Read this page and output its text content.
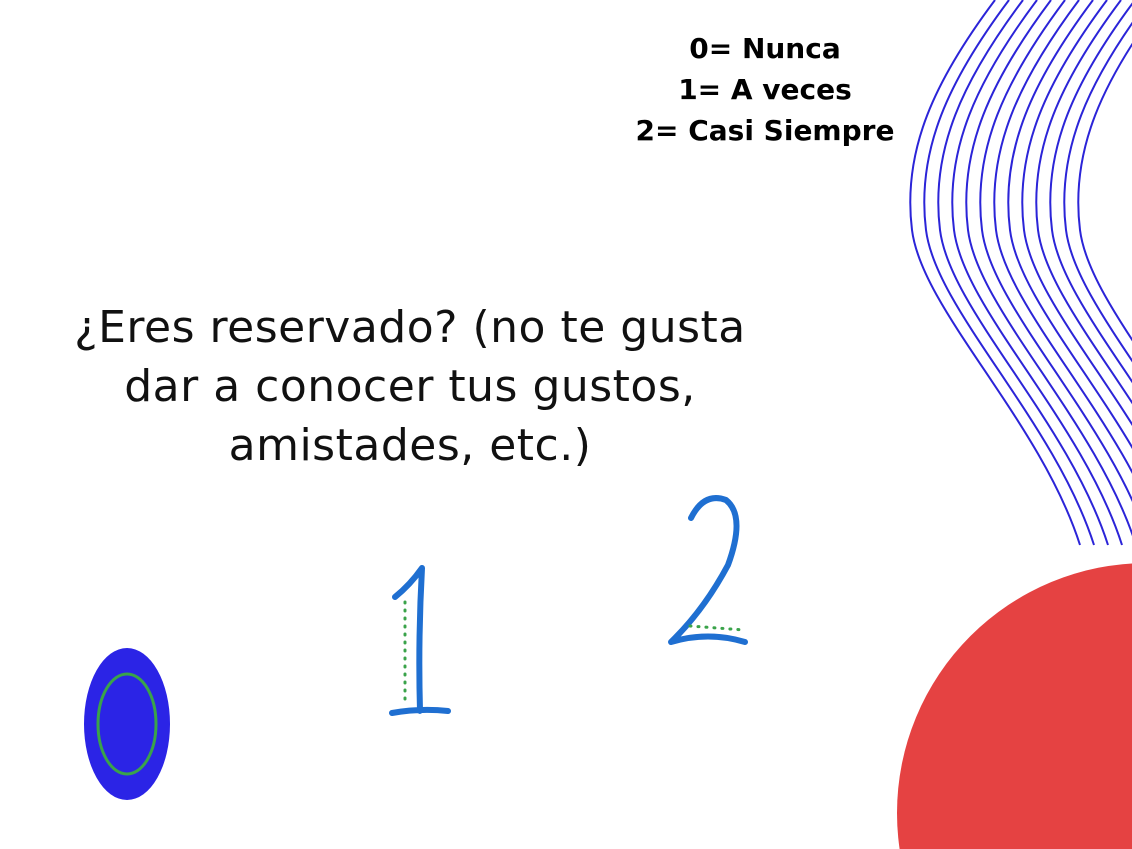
0= Nunca
1= A veces
2= Casi Siempre
¿Eres reservado? (no te gusta dar a conocer tus gustos, amistades, etc.)
